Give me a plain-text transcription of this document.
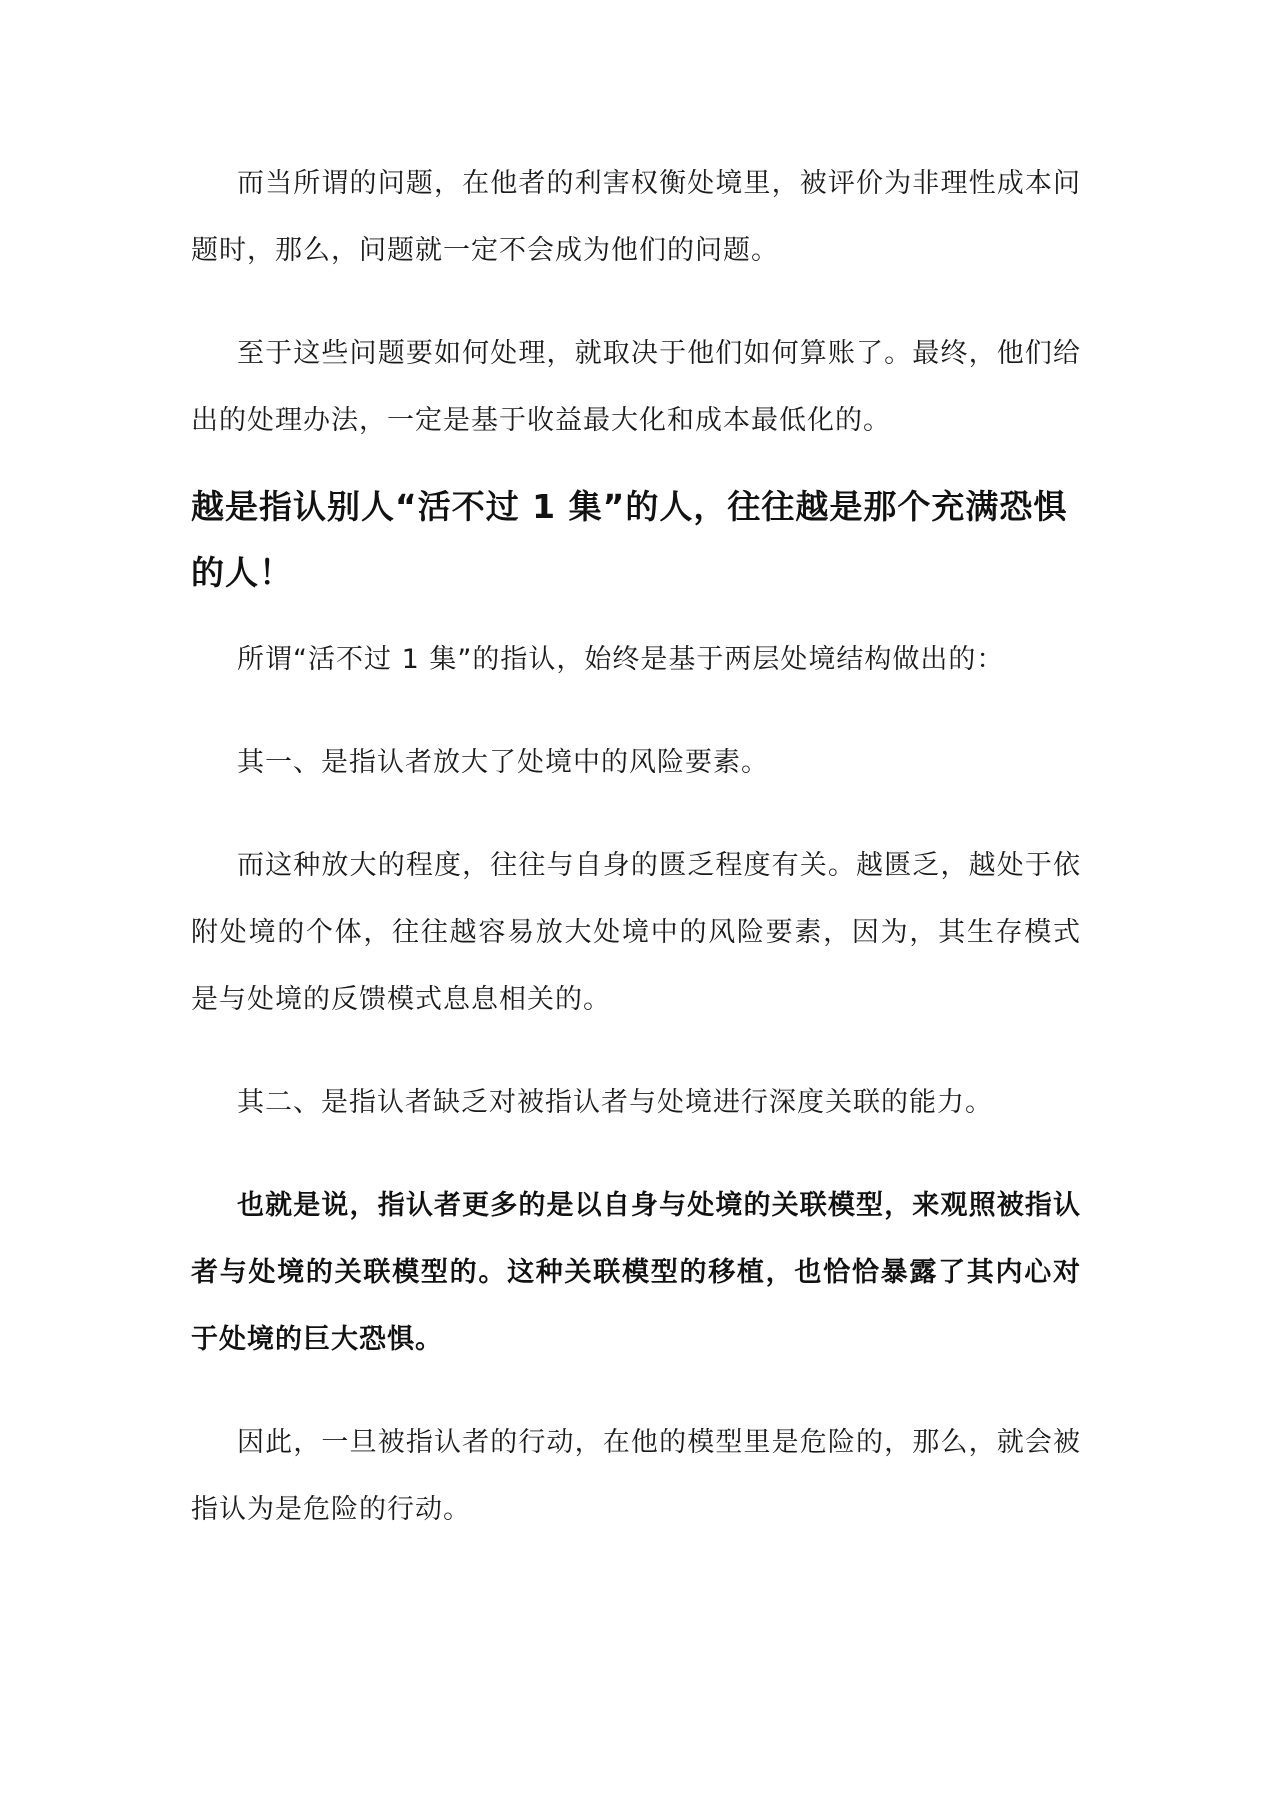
而当所谓的问题，在他者的利害权衡处境里，被评价为非理性成本问题时，那么，问题就一定不会成为他们的问题。

至于这些问题要如何处理，就取决于他们如何算账了。最终，他们给出的处理办法，一定是基于收益最大化和成本最低化的。

越是指认别人“活不过 1 集”的人，往往越是那个充满恐惧的人！

所谓“活不过 1 集”的指认，始终是基于两层处境结构做出的：

其一、是指认者放大了处境中的风险要素。

而这种放大的程度，往往与自身的匮乏程度有关。越匮乏，越处于依附处境的个体，往往越容易放大处境中的风险要素，因为，其生存模式是与处境的反馈模式息息相关的。

其二、是指认者缺乏对被指认者与处境进行深度关联的能力。

也就是说，指认者更多的是以自身与处境的关联模型，来观照被指认者与处境的关联模型的。这种关联模型的移植，也恰恰暴露了其内心对于处境的巨大恐惧。

因此，一旦被指认者的行动，在他的模型里是危险的，那么，就会被指认为是危险的行动。
